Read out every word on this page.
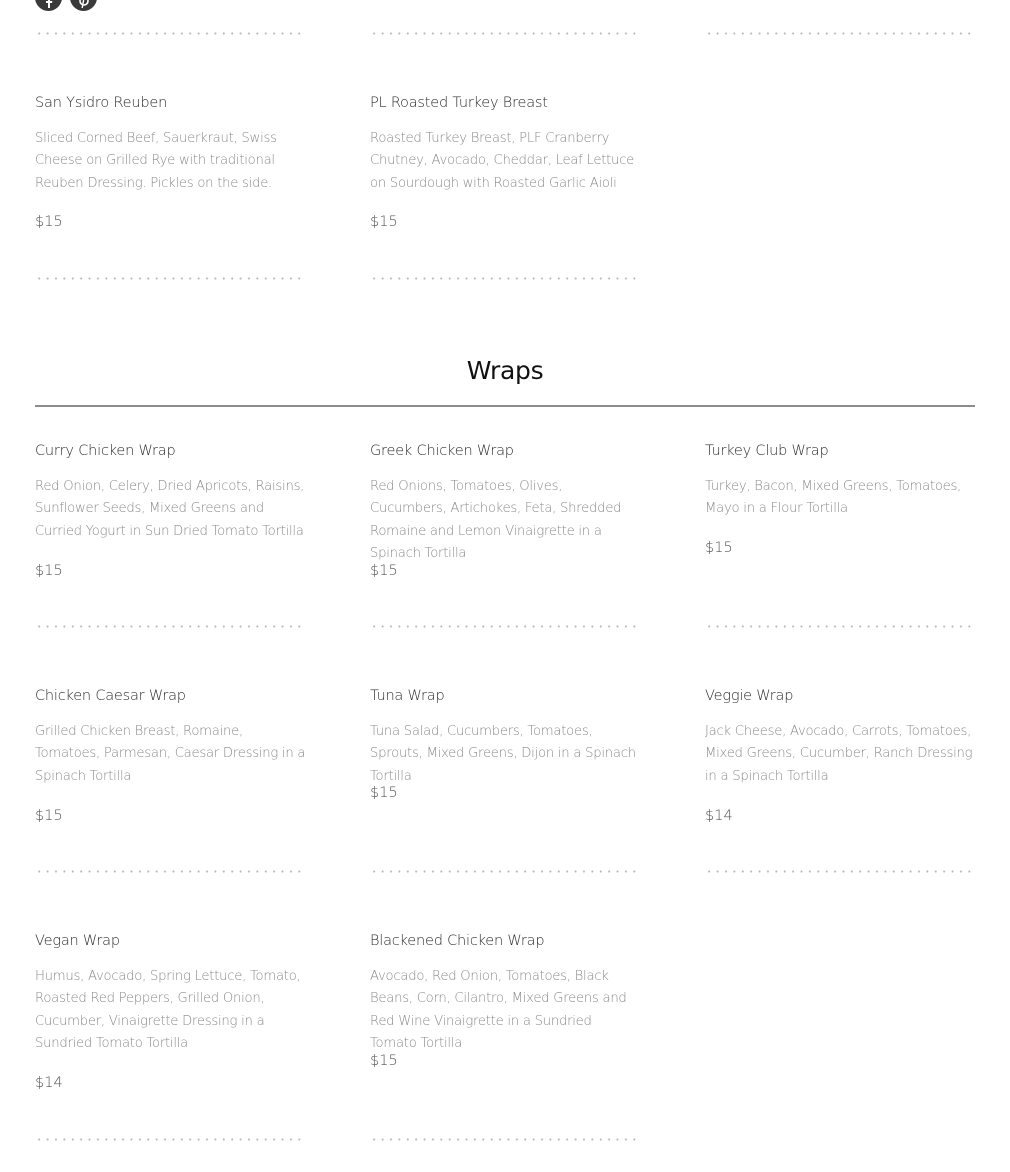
San Ysidro Reuben
Sliced Corned Beef, Sauerkraut, Swiss Cheese on Grilled Rye with traditional Reuben Dressing. Pickles on the side.
$15
PL Roasted Turkey Breast
Roasted Turkey Breast, PLF Cranberry Chutney, Avocado, Cheddar, Leaf Lettuce on Sourdough with Roasted Garlic Aioli
$15
Wraps
Curry Chicken Wrap
Red Onion, Celery, Dried Apricots, Raisins, Sunflower Seeds, Mixed Greens and Curried Yogurt in Sun Dried Tomato Tortilla
$15
Greek Chicken Wrap
Red Onions, Tomatoes, Olives, Cucumbers, Artichokes, Feta, Shredded Romaine and Lemon Vinaigrette in a Spinach Tortilla
$15
Turkey Club Wrap
Turkey, Bacon, Mixed Greens, Tomatoes, Mayo in a Flour Tortilla
$15
Chicken Caesar Wrap
Grilled Chicken Breast, Romaine, Tomatoes, Parmesan, Caesar Dressing in a Spinach Tortilla
$15
Tuna Wrap
Tuna Salad, Cucumbers, Tomatoes, Sprouts, Mixed Greens, Dijon in a Spinach Tortilla
$15
Veggie Wrap
Jack Cheese, Avocado, Carrots, Tomatoes, Mixed Greens, Cucumber, Ranch Dressing in a Spinach Tortilla
$14
Vegan Wrap
Humus, Avocado, Spring Lettuce, Tomato, Roasted Red Peppers, Grilled Onion, Cucumber, Vinaigrette Dressing in a Sundried Tomato Tortilla
$14
Blackened Chicken Wrap
Avocado, Red Onion, Tomatoes, Black Beans, Corn, Cilantro, Mixed Greens and Red Wine Vinaigrette in a Sundried Tomato Tortilla
$15
